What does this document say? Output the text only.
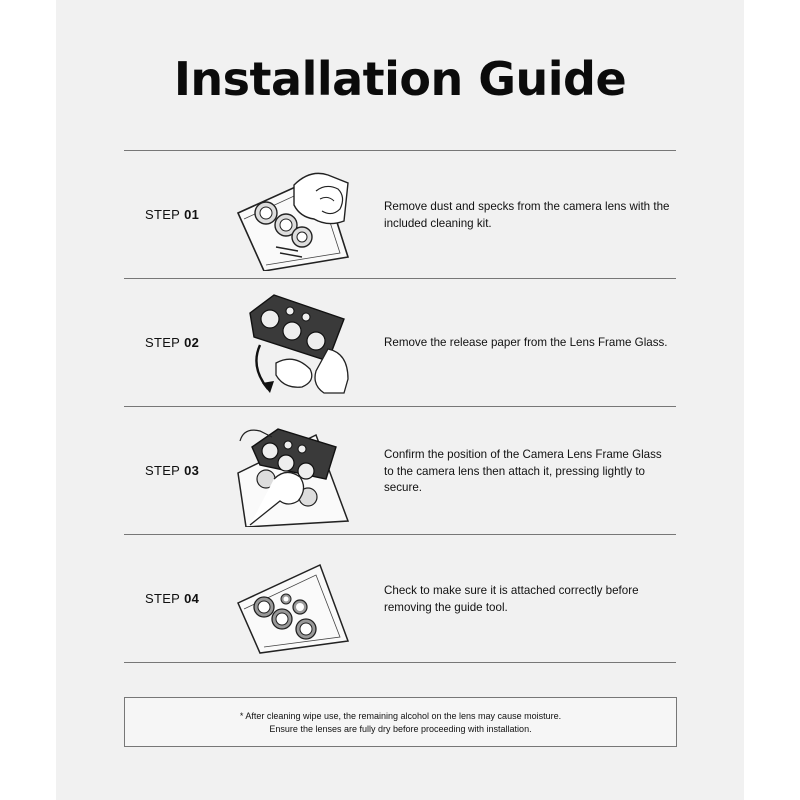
Installation Guide
STEP 01
Remove dust and specks from the camera lens with the included cleaning kit.
STEP 02	Remove the release paper from the Lens Frame Glass.
STEP 03
Confirm the position of the Camera Lens Frame Glass to the camera lens then attach it, pressing lightly to secure.
STEP 04
Check to make sure it is attached correctly before removing the guide tool.
* After cleaning wipe use, the remaining alcohol on the lens may cause moisture.
Ensure the lenses are fully dry before proceeding with installation.
